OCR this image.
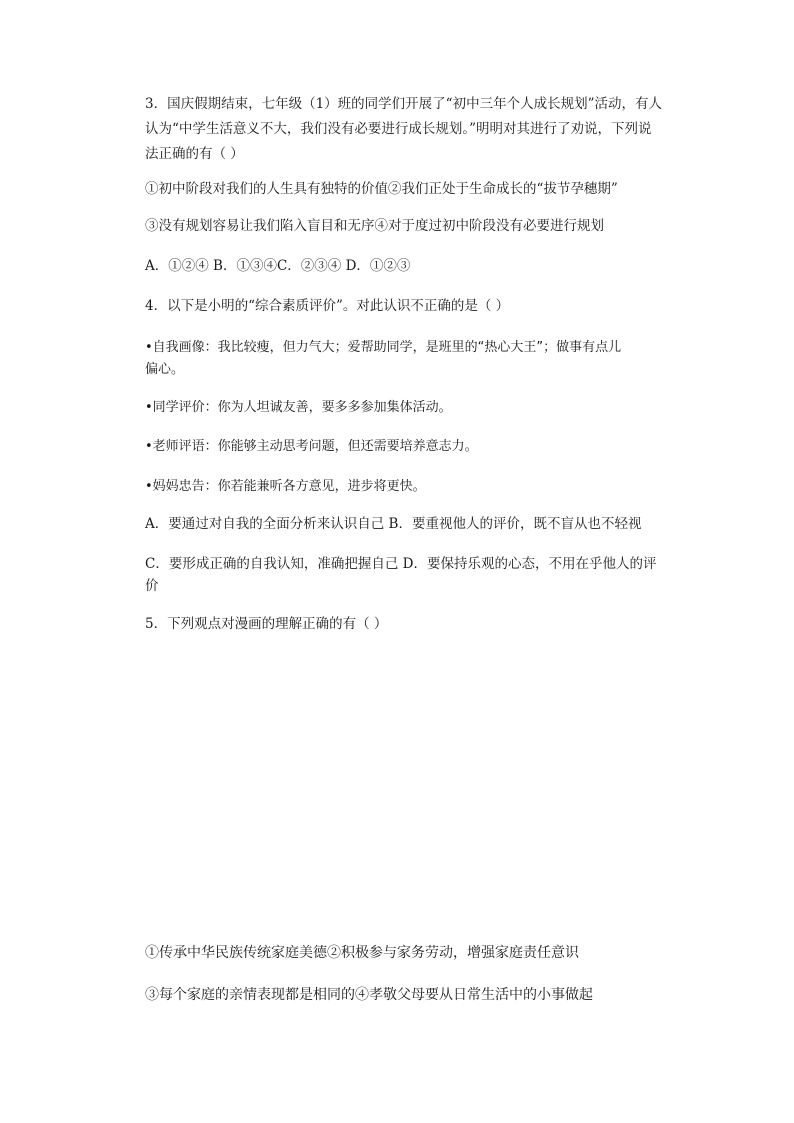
3．国庆假期结束，七年级（1）班的同学们开展了“初中三年个人成长规划”活动，有人
认为“中学生活意义不大，我们没有必要进行成长规划。”明明对其进行了劝说，下列说
法正确的有（ ）
①初中阶段对我们的人生具有独特的价值②我们正处于生命成长的“拔节孕穗期”
③没有规划容易让我们陷入盲目和无序④对于度过初中阶段没有必要进行规划
A．①②④ B．①③④C．②③④ D．①②③
4．以下是小明的“综合素质评价”。对此认识不正确的是（ ）
•自我画像：我比较瘦，但力气大；爱帮助同学，是班里的“热心大王”；做事有点儿
偏心。
•同学评价：你为人坦诚友善，要多多参加集体活动。
•老师评语：你能够主动思考问题，但还需要培养意志力。
•妈妈忠告：你若能兼听各方意见，进步将更快。
A．要通过对自我的全面分析来认识自己 B．要重视他人的评价，既不盲从也不轻视
C．要形成正确的自我认知，准确把握自己 D．要保持乐观的心态，不用在乎他人的评
价
5．下列观点对漫画的理解正确的有（ ）
①传承中华民族传统家庭美德②积极参与家务劳动，增强家庭责任意识
③每个家庭的亲情表现都是相同的④孝敬父母要从日常生活中的小事做起
